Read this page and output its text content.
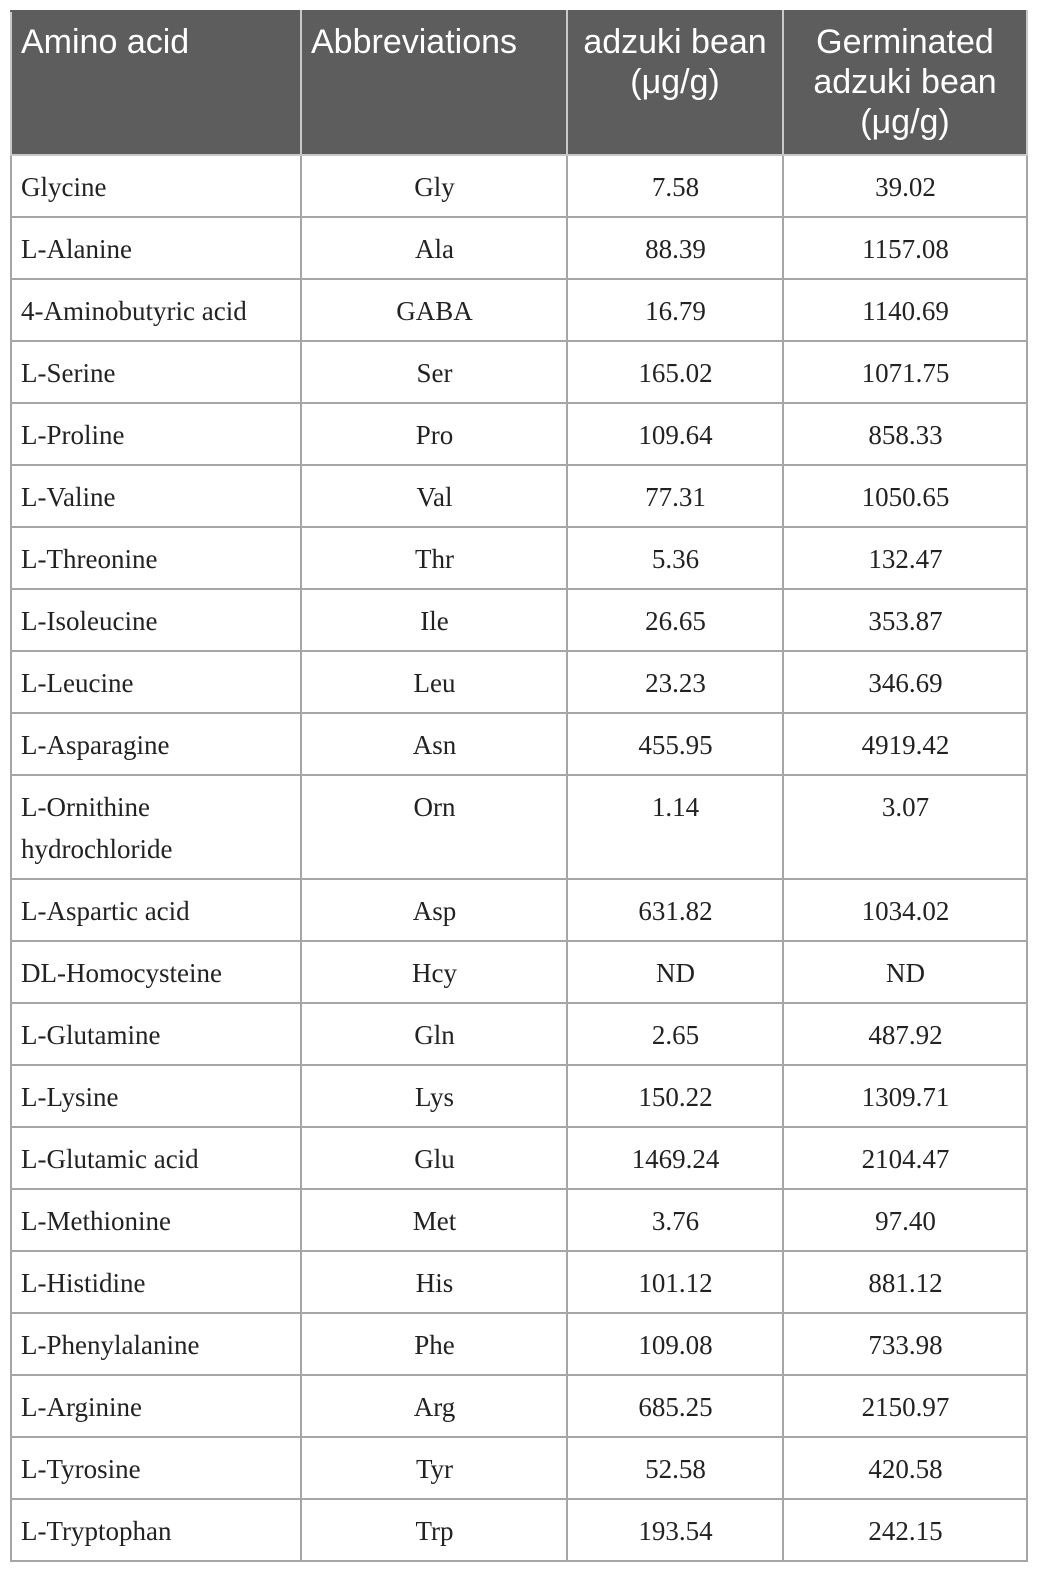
Amino acid	Abbreviations	adzuki bean (μg/g)	Germinated adzuki bean (μg/g)
Glycine	Gly	7.58	39.02
L-Alanine	Ala	88.39	1157.08
4-Aminobutyric acid	GABA	16.79	1140.69
L-Serine	Ser	165.02	1071.75
L-Proline	Pro	109.64	858.33
L-Valine	Val	77.31	1050.65
L-Threonine	Thr	5.36	132.47
L-Isoleucine	Ile	26.65	353.87
L-Leucine	Leu	23.23	346.69
L-Asparagine	Asn	455.95	4919.42
L-Ornithine hydrochloride	Orn	1.14	3.07
L-Aspartic acid	Asp	631.82	1034.02
DL-Homocysteine	Hcy	ND	ND
L-Glutamine	Gln	2.65	487.92
L-Lysine	Lys	150.22	1309.71
L-Glutamic acid	Glu	1469.24	2104.47
L-Methionine	Met	3.76	97.40
L-Histidine	His	101.12	881.12
L-Phenylalanine	Phe	109.08	733.98
L-Arginine	Arg	685.25	2150.97
L-Tyrosine	Tyr	52.58	420.58
L-Tryptophan	Trp	193.54	242.15
